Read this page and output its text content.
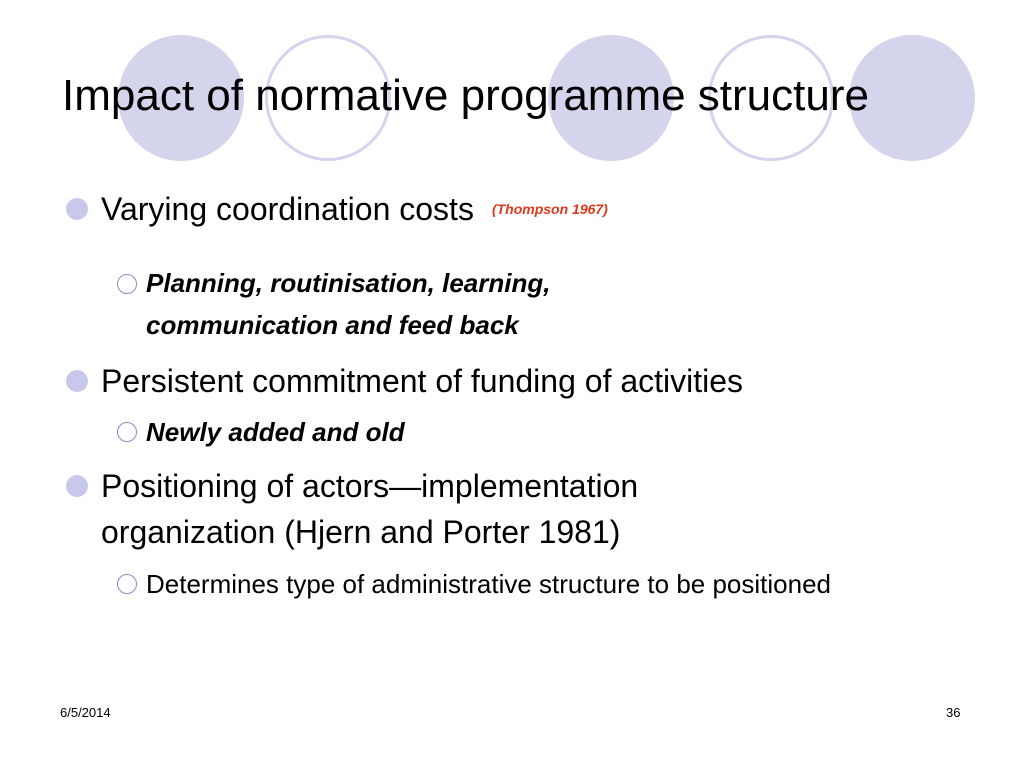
Impact of normative programme structure
Varying coordination costs (Thompson 1967)
Planning, routinisation, learning, communication and feed back
Persistent commitment of funding of activities
Newly added and old
Positioning of actors—implementation organization (Hjern and Porter 1981)
Determines type of administrative structure to be positioned
6/5/2014	36
